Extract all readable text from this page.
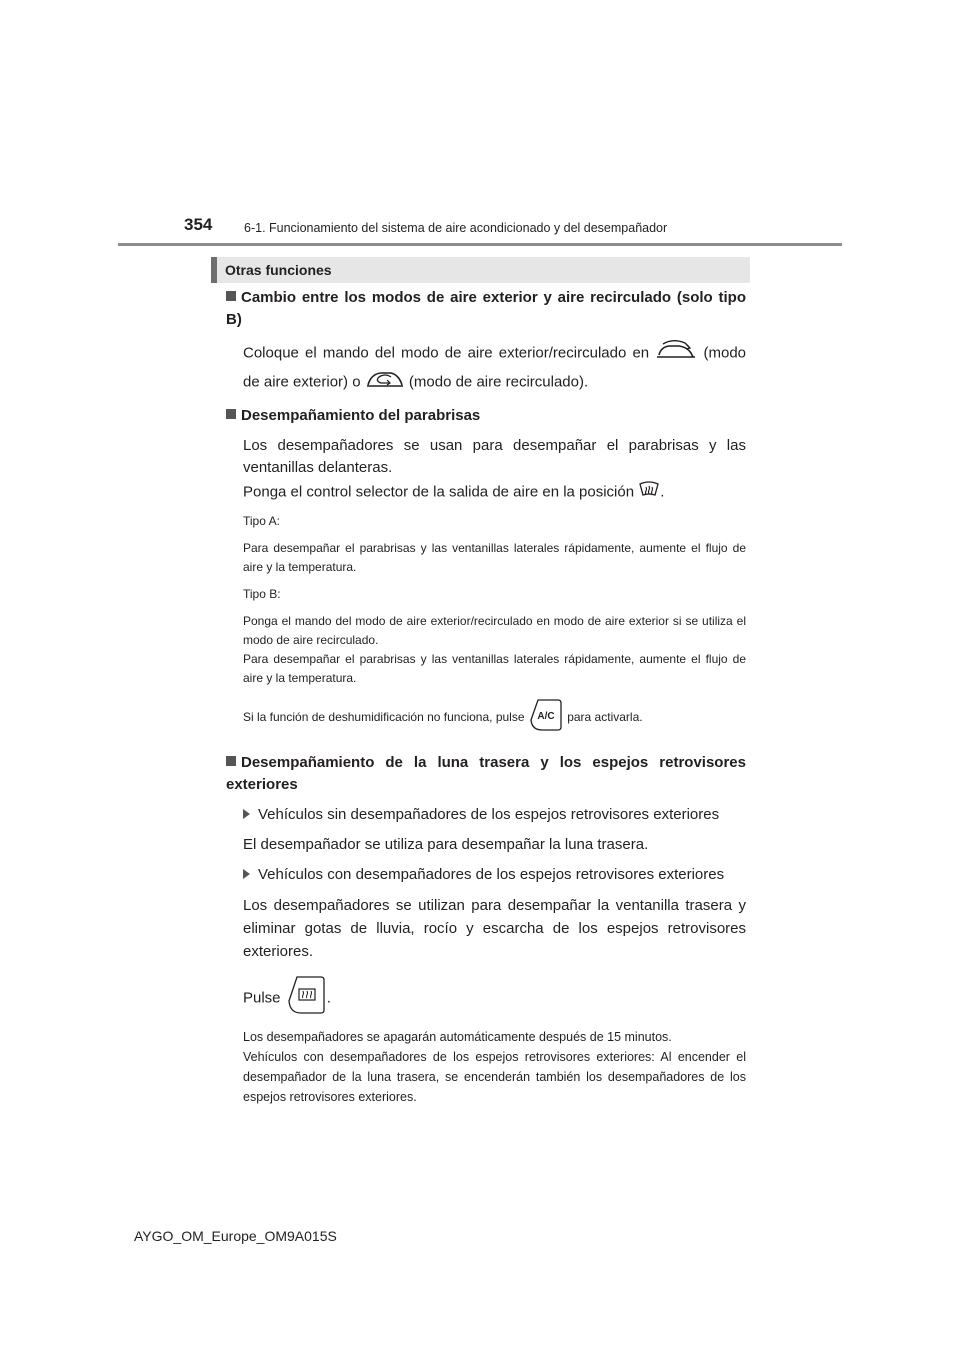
354	6-1. Funcionamiento del sistema de aire acondicionado y del desempañador
Otras funciones

Cambio entre los modos de aire exterior y aire recirculado (solo tipo B)

Coloque el mando del modo de aire exterior/recirculado en	(modo de aire exterior) o	(modo de aire recirculado).

Desempañamiento del parabrisas

Los desempañadores se usan para desempañar el parabrisas y las ventanillas delanteras.

Ponga el control selector de la salida de aire en la posición .

Tipo A:

Para desempañar el parabrisas y las ventanillas laterales rápidamente, aumente el flujo de aire y la temperatura.

Tipo B:

Ponga el mando del modo de aire exterior/recirculado en modo de aire exterior si se utiliza el modo de aire recirculado.

Para desempañar el parabrisas y las ventanillas laterales rápidamente, aumente el flujo de aire y la temperatura.

Si la función de deshumidificación no funciona, pulse A/C para activarla.

Desempañamiento de la luna trasera y los espejos retrovisores exteriores

Vehículos sin desempañadores de los espejos retrovisores exteriores

El desempañador se utiliza para desempañar la luna trasera.

Vehículos con desempañadores de los espejos retrovisores exteriores

Los desempañadores se utilizan para desempañar la ventanilla trasera y eliminar gotas de lluvia, rocío y escarcha de los espejos retrovisores exteriores.

Pulse	.

Los desempañadores se apagarán automáticamente después de 15 minutos.

Vehículos con desempañadores de los espejos retrovisores exteriores: Al encender el desempañador de la luna trasera, se encenderán también los desempañadores de los espejos retrovisores exteriores.

AYGO_OM_Europe_OM9A015S
